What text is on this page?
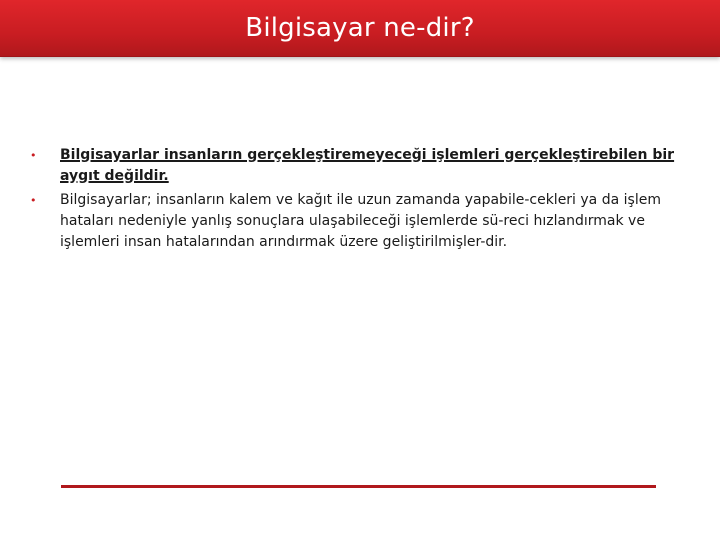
Bilgisayar ne-dir?
•	Bilgisayarlar insanların gerçekleştiremeyeceği işlemleri gerçekleştirebilen bir aygıt değildir.
•	Bilgisayarlar; insanların kalem ve kağıt ile uzun zamanda yapabile-cekleri ya da işlem hataları nedeniyle yanlış sonuçlara ulaşabileceği işlemlerde sü-reci hızlandırmak ve işlemleri insan hatalarından arındırmak üzere geliştirilmişler-dir.
